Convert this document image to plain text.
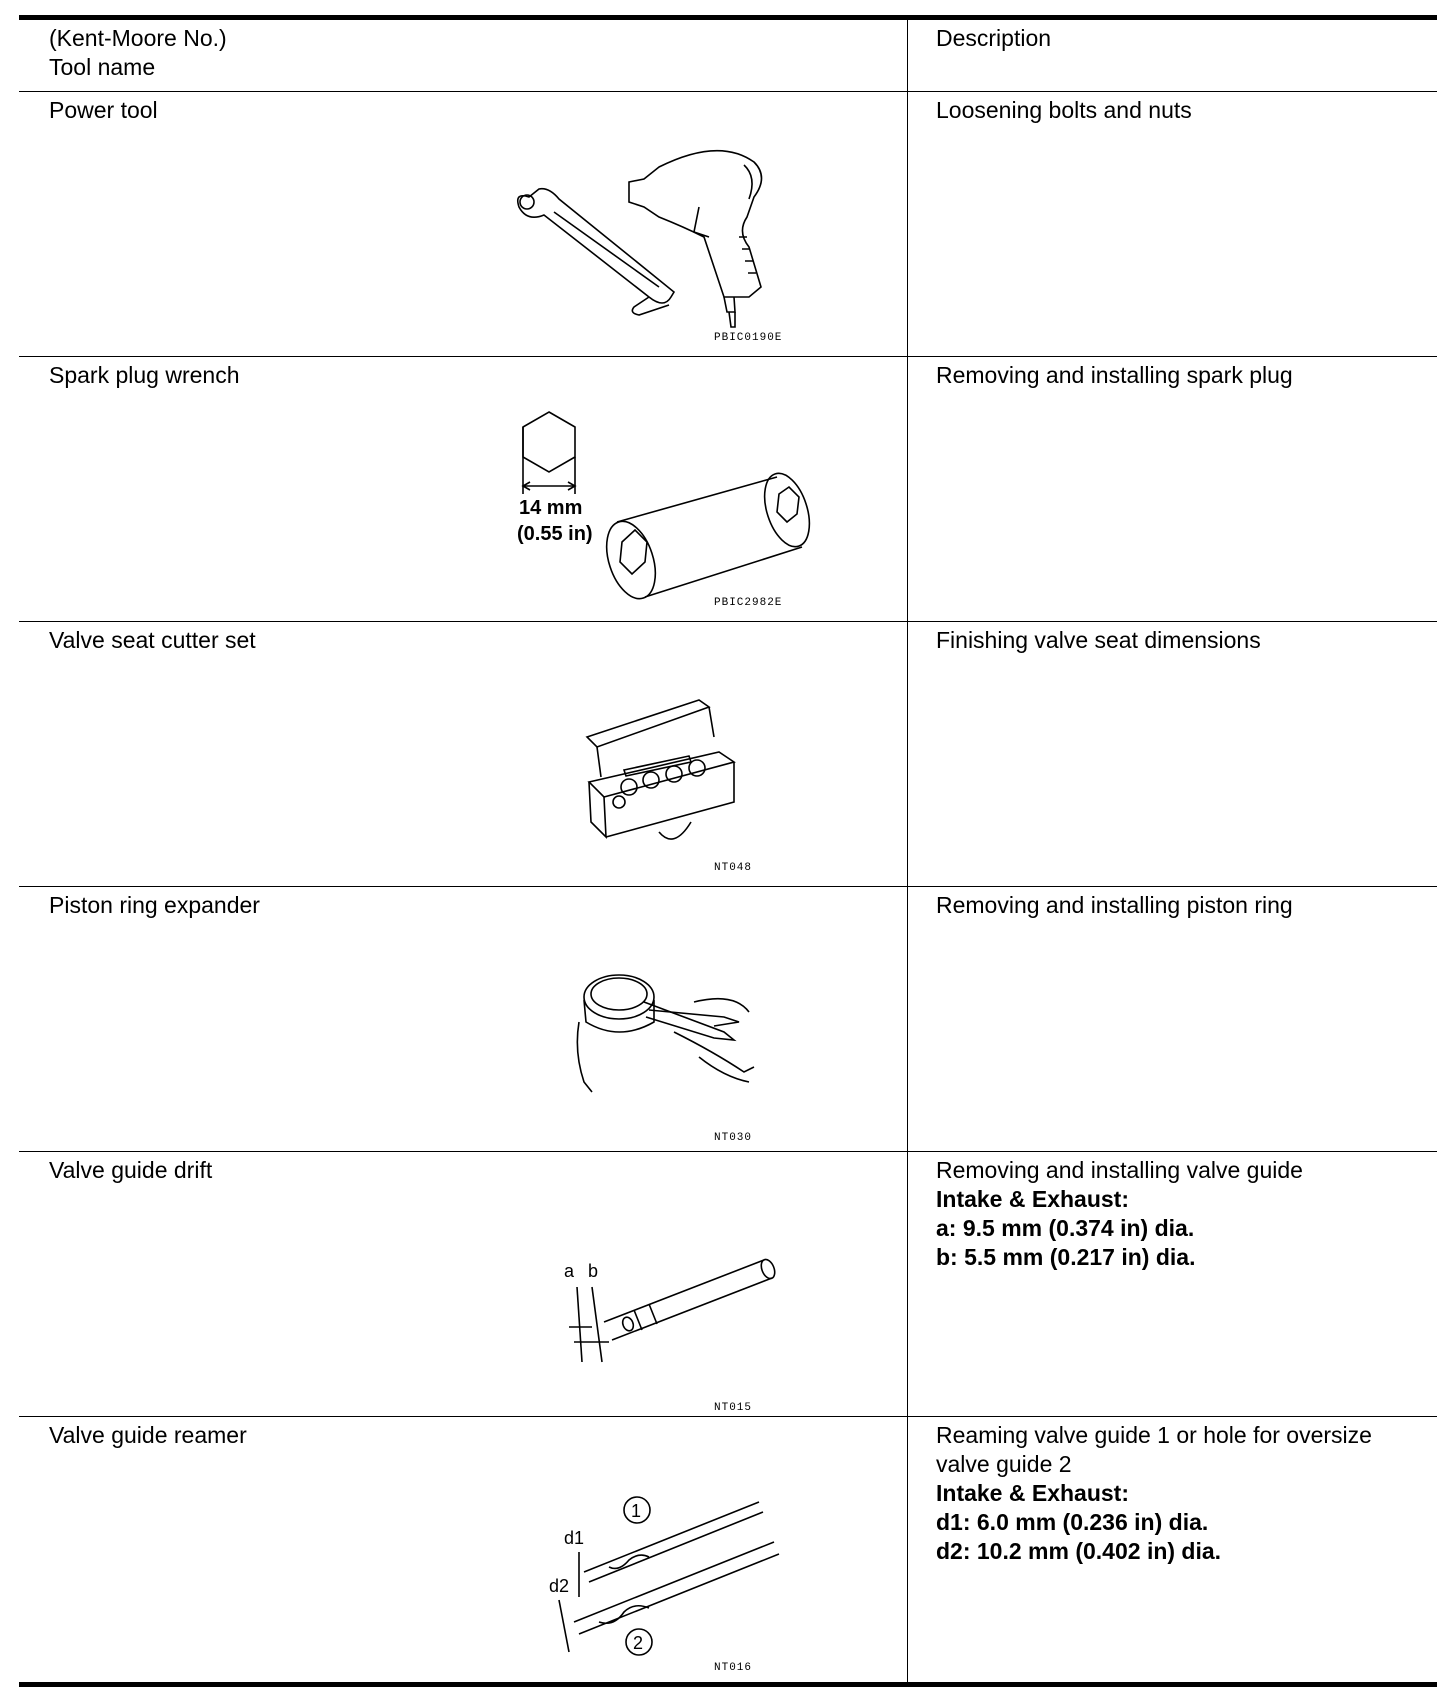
(Kent-Moore No.)
Tool name
Description
Power tool
PBIC0190E
Loosening bolts and nuts
Spark plug wrench
14 mm
(0.55 in)
PBIC2982E
Removing and installing spark plug
Valve seat cutter set
NT048
Finishing valve seat dimensions
Piston ring expander
NT030
Removing and installing piston ring
Valve guide drift
a b
NT015
Removing and installing valve guide
Intake & Exhaust:
a: 9.5 mm (0.374 in) dia.
b: 5.5 mm (0.217 in) dia.
Valve guide reamer
1
2
d1
d2
NT016
Reaming valve guide 1 or hole for oversize
valve guide 2
Intake & Exhaust:
d1: 6.0 mm (0.236 in) dia.
d2: 10.2 mm (0.402 in) dia.
